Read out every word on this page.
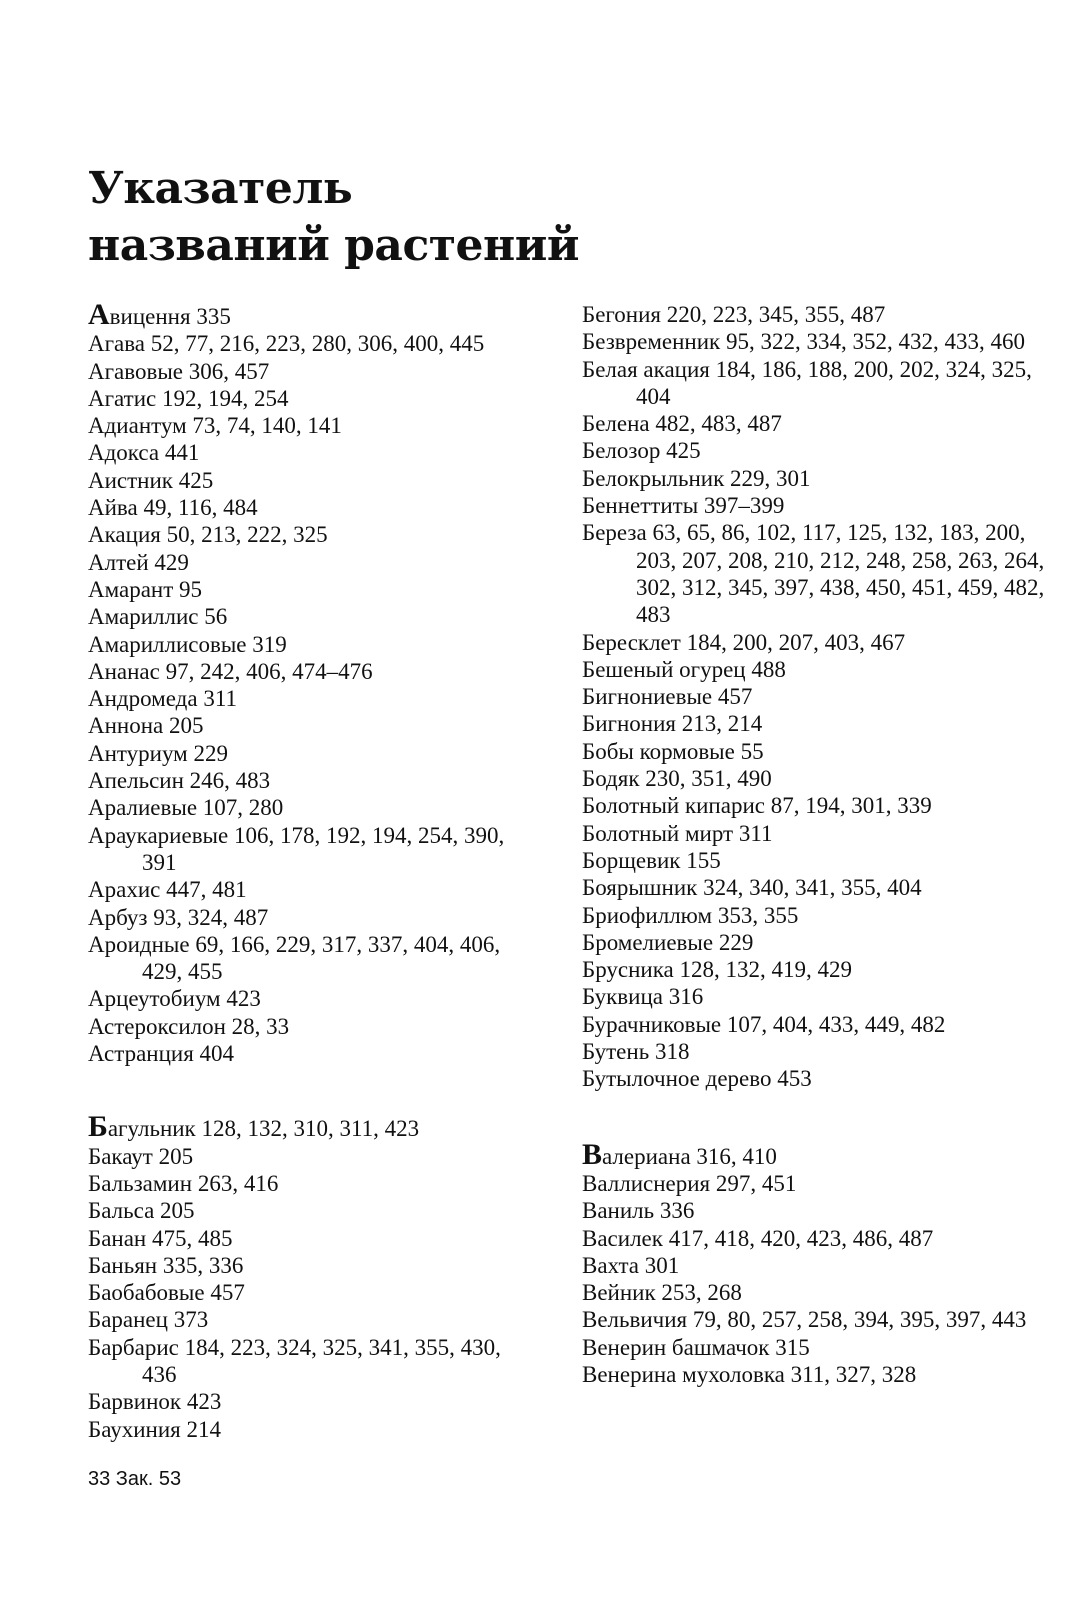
Указатель
названий растений
Авицення 335
Агава 52, 77, 216, 223, 280, 306, 400, 445
Агавовые 306, 457
Агатис 192, 194, 254
Адиантум 73, 74, 140, 141
Адокса 441
Аистник 425
Айва 49, 116, 484
Акация 50, 213, 222, 325
Алтей 429
Амарант 95
Амариллис 56
Амариллисовые 319
Ананас 97, 242, 406, 474–476
Андромеда 311
Аннона 205
Антуриум 229
Апельсин 246, 483
Аралиевые 107, 280
Араукариевые 106, 178, 192, 194, 254, 390, 391
Арахис 447, 481
Арбуз 93, 324, 487
Ароидные 69, 166, 229, 317, 337, 404, 406, 429, 455
Арцеутобиум 423
Астероксилон 28, 33
Астранция 404
Багульник 128, 132, 310, 311, 423
Бакаут 205
Бальзамин 263, 416
Бальса 205
Банан 475, 485
Баньян 335, 336
Баобабовые 457
Баранец 373
Барбарис 184, 223, 324, 325, 341, 355, 430, 436
Барвинок 423
Баухиния 214
Бегония 220, 223, 345, 355, 487
Безвременник 95, 322, 334, 352, 432, 433, 460
Белая акация 184, 186, 188, 200, 202, 324, 325, 404
Белена 482, 483, 487
Белозор 425
Белокрыльник 229, 301
Беннеттиты 397–399
Береза 63, 65, 86, 102, 117, 125, 132, 183, 200, 203, 207, 208, 210, 212, 248, 258, 263, 264, 302, 312, 345, 397, 438, 450, 451, 459, 482, 483
Бересклет 184, 200, 207, 403, 467
Бешеный огурец 488
Бигнониевые 457
Бигнония 213, 214
Бобы кормовые 55
Бодяк 230, 351, 490
Болотный кипарис 87, 194, 301, 339
Болотный мирт 311
Борщевик 155
Боярышник 324, 340, 341, 355, 404
Бриофиллюм 353, 355
Бромелиевые 229
Брусника 128, 132, 419, 429
Буквица 316
Бурачниковые 107, 404, 433, 449, 482
Бутень 318
Бутылочное дерево 453
Валериана 316, 410
Валлиснерия 297, 451
Ваниль 336
Василек 417, 418, 420, 423, 486, 487
Вахта 301
Вейник 253, 268
Вельвичия 79, 80, 257, 258, 394, 395, 397, 443
Венерин башмачок 315
Венерина мухоловка 311, 327, 328
33 Зак. 53
